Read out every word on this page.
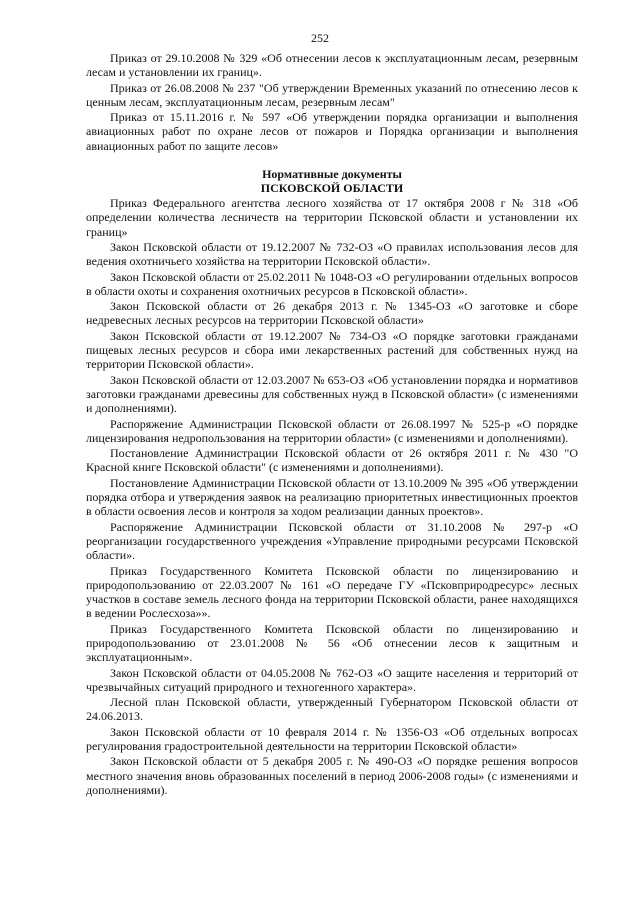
252

Приказ от 29.10.2008 № 329 «Об отнесении лесов к эксплуатационным лесам, резервным лесам и установлении их границ».

Приказ от 26.08.2008 № 237 "Об утверждении Временных указаний по отнесению лесов к ценным лесам, эксплуатационным лесам, резервным лесам"

Приказ от 15.11.2016 г. № 597 «Об утверждении порядка организации и выполнения авиационных работ по охране лесов от пожаров и Порядка организации и выполнения авиационных работ по защите лесов»

Нормативные документы
ПСКОВСКОЙ ОБЛАСТИ

Приказ Федерального агентства лесного хозяйства от 17 октября 2008 г № 318 «Об определении количества лесничеств на территории Псковской области и установлении их границ»

Закон Псковской области от 19.12.2007 № 732-ОЗ «О правилах использования лесов для ведения охотничьего хозяйства на территории Псковской области».

Закон Псковской области от 25.02.2011 № 1048-ОЗ «О регулировании отдельных вопросов в области охоты и сохранения охотничьих ресурсов в Псковской области».

Закон Псковской области от 26 декабря 2013 г. № 1345-ОЗ «О заготовке и сборе недревесных лесных ресурсов на территории Псковской области»

Закон Псковской области от 19.12.2007 № 734-ОЗ «О порядке заготовки гражданами пищевых лесных ресурсов и сбора ими лекарственных растений для собственных нужд на территории Псковской области».

Закон Псковской области от 12.03.2007 № 653-ОЗ «Об установлении порядка и нормативов заготовки гражданами древесины для собственных нужд в Псковской области» (с изменениями и дополнениями).

Распоряжение Администрации Псковской области от 26.08.1997 № 525-р «О порядке лицензирования недропользования на территории области» (с изменениями и дополнениями).

Постановление Администрации Псковской области от 26 октября 2011 г. № 430 "О Красной книге Псковской области" (с изменениями и дополнениями).

Постановление Администрации Псковской области от 13.10.2009 № 395 «Об утверждении порядка отбора и утверждения заявок на реализацию приоритетных инвестиционных проектов в области освоения лесов и контроля за ходом реализации данных проектов».

Распоряжение Администрации Псковской области от 31.10.2008 № 297-р «О реорганизации государственного учреждения «Управление природными ресурсами Псковской области».

Приказ Государственного Комитета Псковской области по лицензированию и природопользованию от 22.03.2007 № 161 «О передаче ГУ «Псковприродресурс» лесных участков в составе земель лесного фонда на территории Псковской области, ранее находящихся в ведении Рослесхоза»».

Приказ Государственного Комитета Псковской области по лицензированию и природопользованию от 23.01.2008 № 56 «Об отнесении лесов к защитным и эксплуатационным».

Закон Псковской области от 04.05.2008 № 762-ОЗ «О защите населения и территорий от чрезвычайных ситуаций природного и техногенного характера».

Лесной план Псковской области, утвержденный Губернатором Псковской области от 24.06.2013.

Закон Псковской области от 10 февраля 2014 г. № 1356-ОЗ «Об отдельных вопросах регулирования градостроительной деятельности на территории Псковской области»

Закон Псковской области от 5 декабря 2005 г. № 490-ОЗ «О порядке решения вопросов местного значения вновь образованных поселений в период 2006-2008 годы» (с изменениями и дополнениями).
